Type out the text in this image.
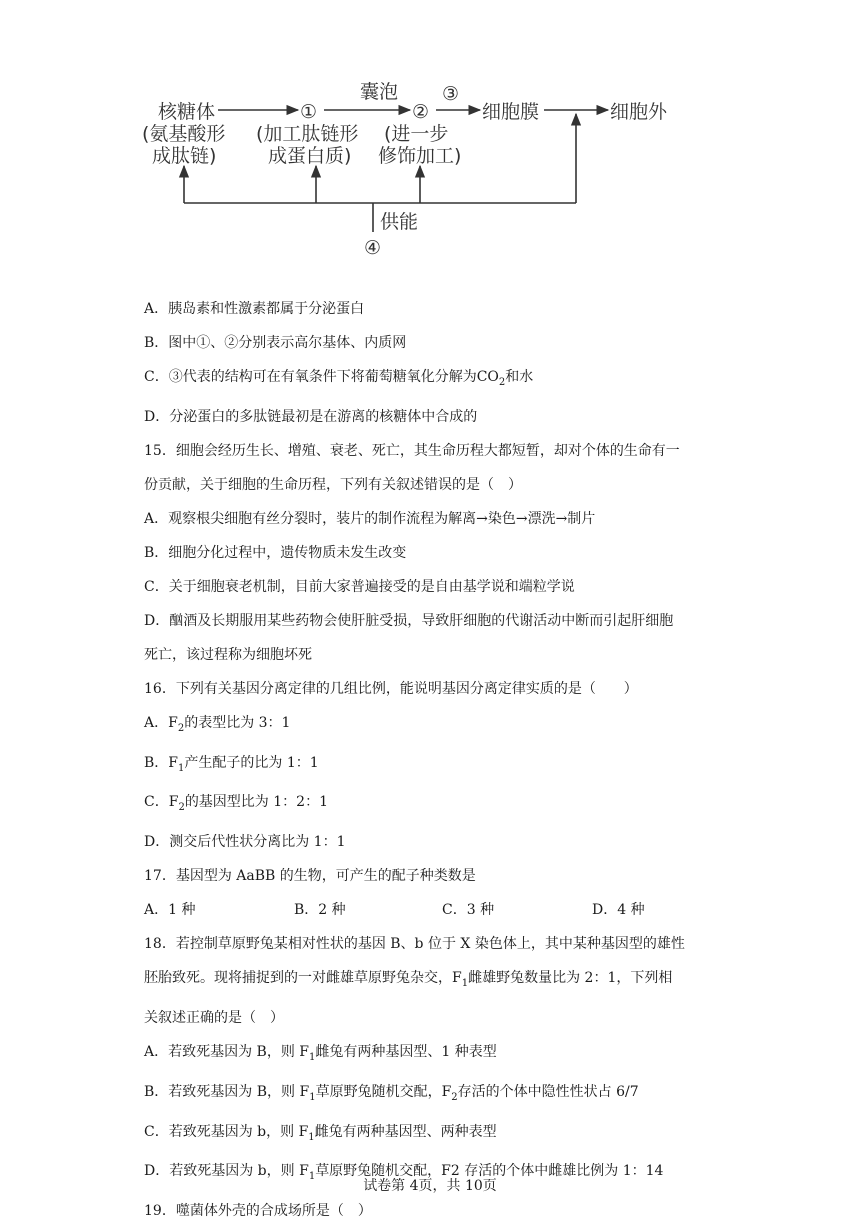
核糖体
(氨基酸形
成肽链)
①
(加工肽链形
成蛋白质)
囊泡
②
(进一步
修饰加工)
③
细胞膜	细胞外
供能
④
A．胰岛素和性激素都属于分泌蛋白
B．图中①、②分别表示高尔基体、内质网
C．③代表的结构可在有氧条件下将葡萄糖氧化分解为$CO_2$和水
D．分泌蛋白的多肽链最初是在游离的核糖体中合成的
15．细胞会经历生长、增殖、衰老、死亡，其生命历程大都短暂，却对个体的生命有一
份贡献，关于细胞的生命历程，下列有关叙述错误的是（　）
A．观察根尖细胞有丝分裂时，装片的制作流程为解离→染色→漂洗→制片
B．细胞分化过程中，遗传物质未发生改变
C．关于细胞衰老机制，目前大家普遍接受的是自由基学说和端粒学说
D．酗酒及长期服用某些药物会使肝脏受损，导致肝细胞的代谢活动中断而引起肝细胞
死亡，该过程称为细胞坏死
16．下列有关基因分离定律的几组比例，能说明基因分离定律实质的是（　　）
A．$F_2$的表型比为 3：1
B．$F_1$产生配子的比为 1：1
C．$F_2$的基因型比为 1：2：1
D．测交后代性状分离比为 1：1
17．基因型为 AaBB 的生物，可产生的配子种类数是
A．1 种	B．2 种	C．3 种	D．4 种
18．若控制草原野兔某相对性状的基因 B、b 位于 X 染色体上，其中某种基因型的雄性
胚胎致死。现将捕捉到的一对雌雄草原野兔杂交，$F_1$雌雄野兔数量比为 2：1，下列相
关叙述正确的是（　）
A．若致死基因为 B，则 $F_1$雌兔有两种基因型、1 种表型
B．若致死基因为 B，则 $F_1$草原野兔随机交配，$F_2$存活的个体中隐性性状占 6/7
C．若致死基因为 b，则 $F_1$雌兔有两种基因型、两种表型
D．若致死基因为 b，则 $F_1$草原野兔随机交配，F2 存活的个体中雌雄比例为 1：14
19．噬菌体外壳的合成场所是（　）
试卷第 4页，共 10页
